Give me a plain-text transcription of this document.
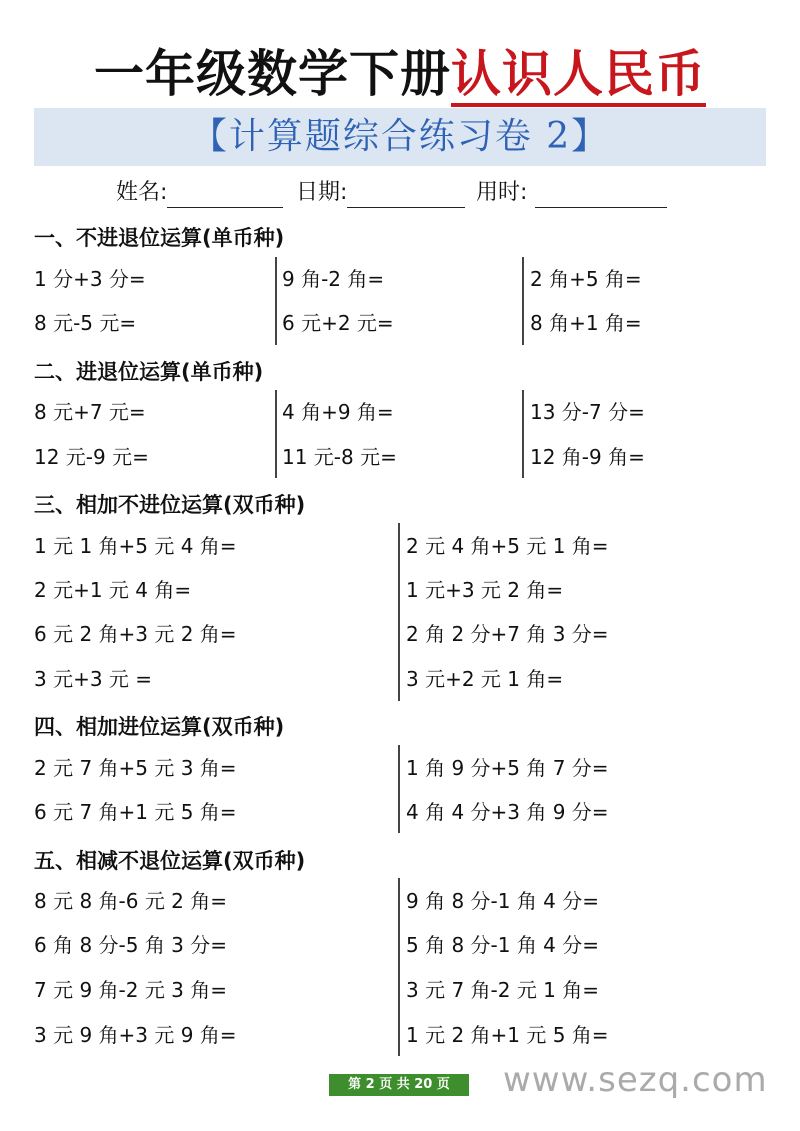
一年级数学下册认识人民币
【计算题综合练习卷 2】
姓名:	日期:	用时:
一、不进退位运算(单币种)
1 分+3 分=	9 角-2 角=	2 角+5 角=
8 元-5 元=	6 元+2 元=	8 角+1 角=
二、进退位运算(单币种)
8 元+7 元=	4 角+9 角=	13 分-7 分=
12 元-9 元=	11 元-8 元=	12 角-9 角=
三、相加不进位运算(双币种)
1 元 1 角+5 元 4 角=	2 元 4 角+5 元 1 角=
2 元+1 元 4 角=	1 元+3 元 2 角=
6 元 2 角+3 元 2 角=	2 角 2 分+7 角 3 分=
3 元+3 元 =	3 元+2 元 1 角=
四、相加进位运算(双币种)
2 元 7 角+5 元 3 角=	1 角 9 分+5 角 7 分=
6 元 7 角+1 元 5 角=	4 角 4 分+3 角 9 分=
五、相减不退位运算(双币种)
8 元 8 角-6 元 2 角=	9 角 8 分-1 角 4 分=
6 角 8 分-5 角 3 分=	5 角 8 分-1 角 4 分=
7 元 9 角-2 元 3 角=	3 元 7 角-2 元 1 角=
3 元 9 角+3 元 9 角=	1 元 2 角+1 元 5 角=
第 2 页 共 20 页	www.sezq.com
